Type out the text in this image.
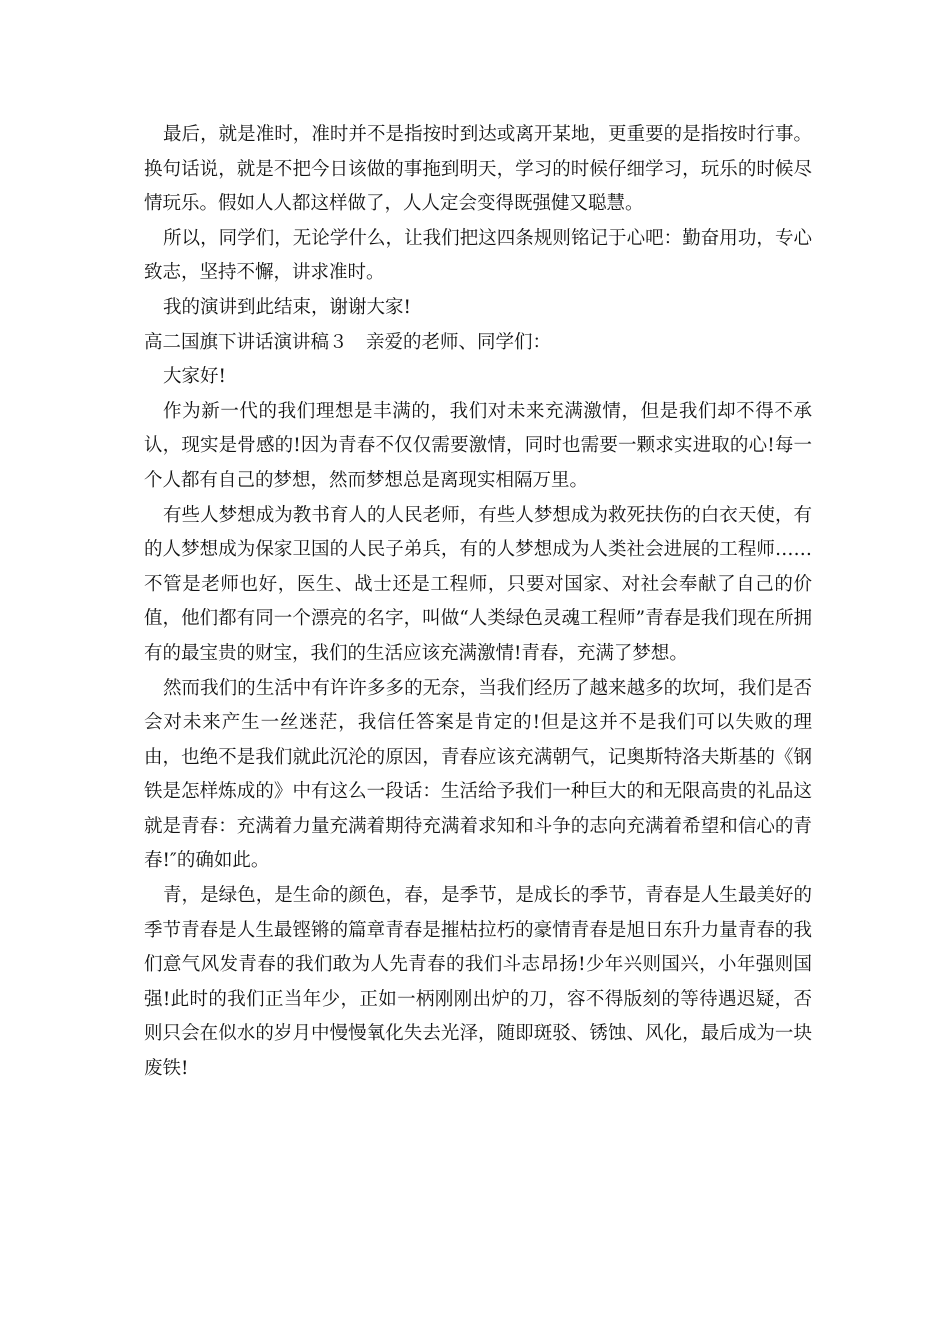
最后，就是准时，准时并不是指按时到达或离开某地，更重要的是指按时行事。换句话说，就是不把今日该做的事拖到明天，学习的时候仔细学习，玩乐的时候尽情玩乐。假如人人都这样做了，人人定会变得既强健又聪慧。

所以，同学们，无论学什么，让我们把这四条规则铭记于心吧：勤奋用功，专心致志，坚持不懈，讲求准时。

我的演讲到此结束，谢谢大家!

高二国旗下讲话演讲稿３　亲爱的老师、同学们：

大家好!

作为新一代的我们理想是丰满的，我们对未来充满激情，但是我们却不得不承认，现实是骨感的!因为青春不仅仅需要激情，同时也需要一颗求实进取的心!每一个人都有自己的梦想，然而梦想总是离现实相隔万里。

有些人梦想成为教书育人的人民老师，有些人梦想成为救死扶伤的白衣天使，有的人梦想成为保家卫国的人民子弟兵，有的人梦想成为人类社会进展的工程师……不管是老师也好，医生、战士还是工程师，只要对国家、对社会奉献了自己的价值，他们都有同一个漂亮的名字，叫做“人类绿色灵魂工程师”青春是我们现在所拥有的最宝贵的财宝，我们的生活应该充满激情!青春，充满了梦想。

然而我们的生活中有许许多多的无奈，当我们经历了越来越多的坎坷，我们是否会对未来产生一丝迷茫，我信任答案是肯定的!但是这并不是我们可以失败的理由，也绝不是我们就此沉沦的原因，青春应该充满朝气，记奥斯特洛夫斯基的《钢铁是怎样炼成的》中有这么一段话：生活给予我们一种巨大的和无限高贵的礼品这就是青春：充满着力量充满着期待充满着求知和斗争的志向充满着希望和信心的青春!″的确如此。

青，是绿色，是生命的颜色，春，是季节，是成长的季节，青春是人生最美好的季节青春是人生最铿锵的篇章青春是摧枯拉朽的豪情青春是旭日东升力量青春的我们意气风发青春的我们敢为人先青春的我们斗志昂扬!少年兴则国兴，小年强则国强!此时的我们正当年少，正如一柄刚刚出炉的刀，容不得版刻的等待遇迟疑，否则只会在似水的岁月中慢慢氧化失去光泽，随即斑驳、锈蚀、风化，最后成为一块废铁!
